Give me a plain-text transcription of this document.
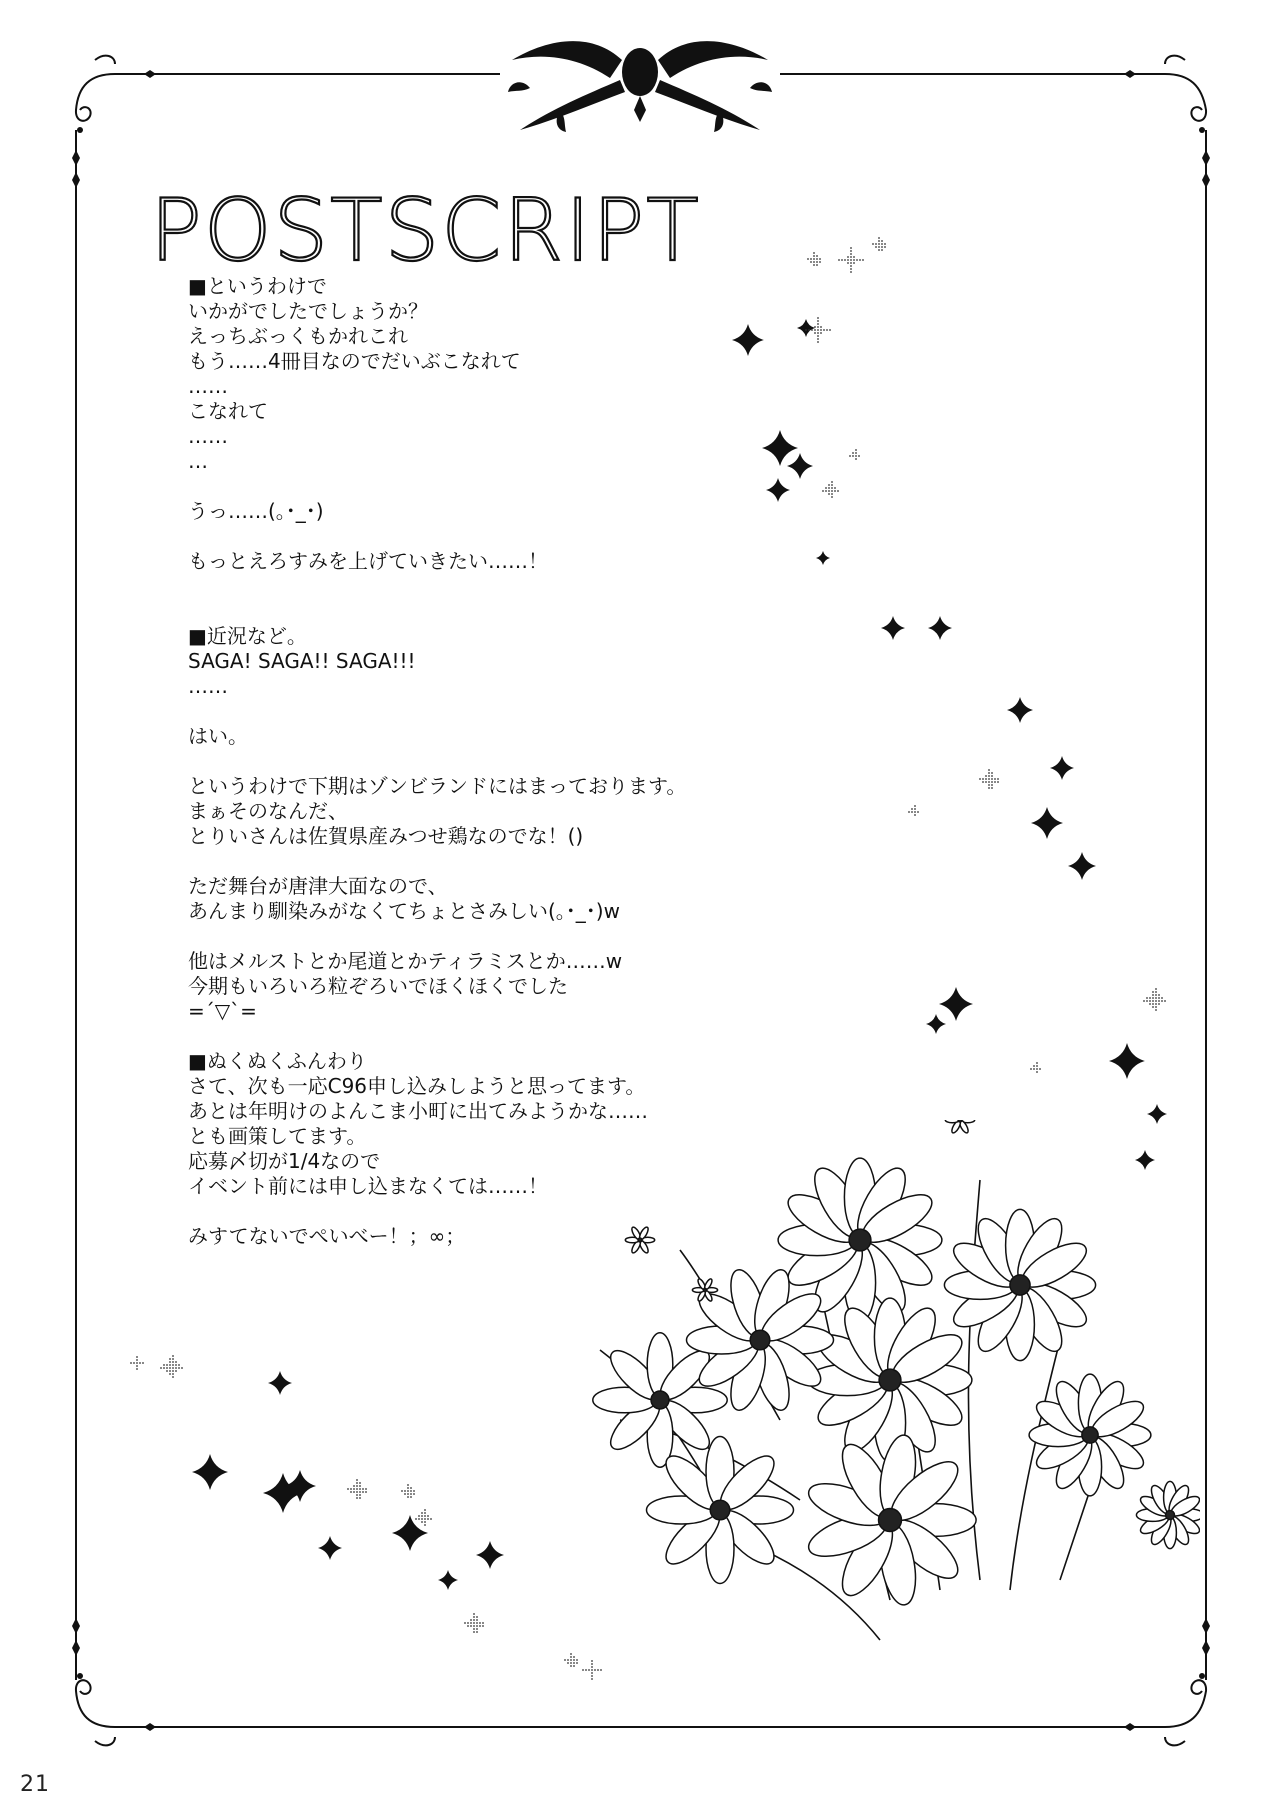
POSTSCRIPT
■というわけで
いかがでしたでしょうか？
えっちぶっくもかれこれ
もう……4冊目なのでだいぶこなれて
……
こなれて
……
…
うっ……(｡･_･)
もっとえろすみを上げていきたい……！
■近況など。
SAGA! SAGA!! SAGA!!!
……
はい。
というわけで下期はゾンビランドにはまっております。
まぁそのなんだ、
とりいさんは佐賀県産みつせ鶏なのでな！()
ただ舞台が唐津大面なので、
あんまり馴染みがなくてちょとさみしい(｡･_･)w
他はメルストとか尾道とかティラミスとか……w
今期もいろいろ粒ぞろいでほくほくでした
=´▽`=
■ぬくぬくふんわり
さて、次も一応C96申し込みしようと思ってます。
あとは年明けのよんこま小町に出てみようかな……
とも画策してます。
応募〆切が1/4なので
イベント前には申し込まなくては……！
みすてないでぺいべー！；∞；
21
